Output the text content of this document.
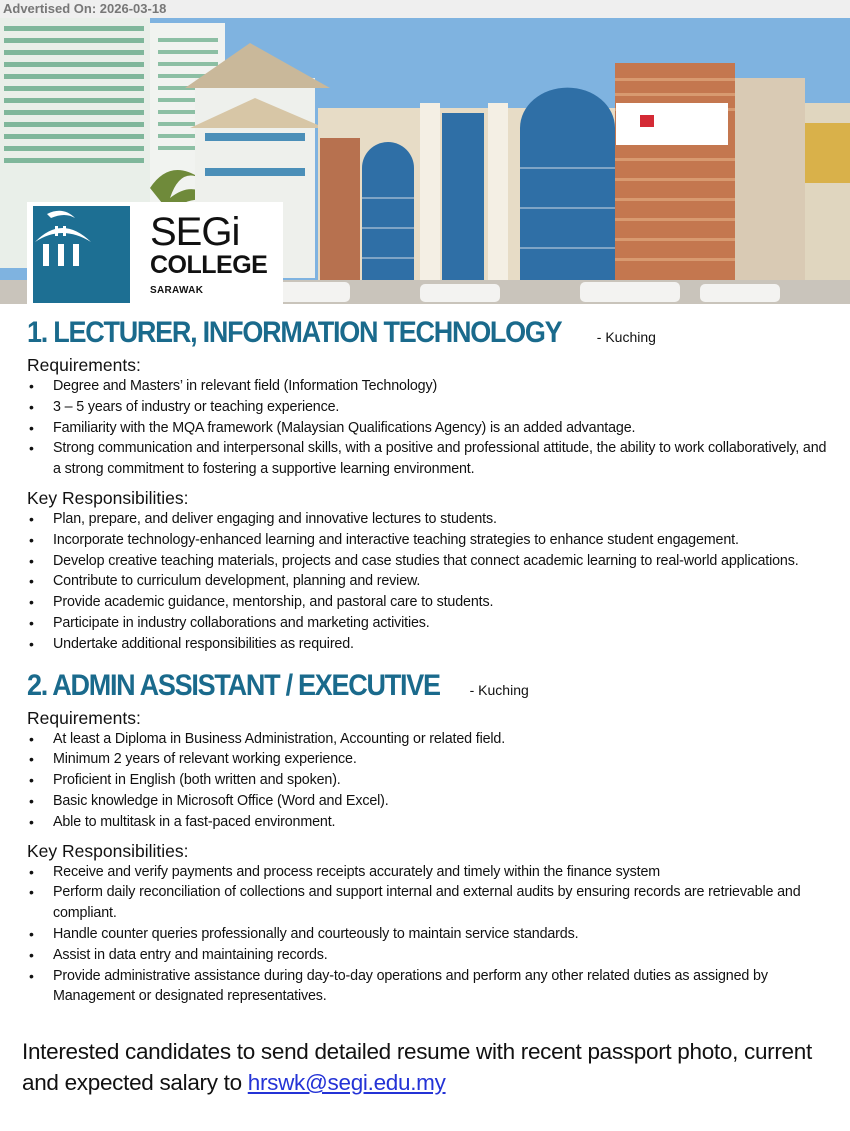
Advertised On: 2026-03-18
SEGi
COLLEGE
SARAWAK
1. LECTURER, INFORMATION TECHNOLOGY	- Kuching
Requirements:
• Degree and Masters’ in relevant field (Information Technology)
• 3 – 5 years of industry or teaching experience.
• Familiarity with the MQA framework (Malaysian Qualifications Agency) is an added advantage.
• Strong communication and interpersonal skills, with a positive and professional attitude, the ability to work collaboratively, and a strong commitment to fostering a supportive learning environment.
Key Responsibilities:
• Plan, prepare, and deliver engaging and innovative lectures to students.
• Incorporate technology-enhanced learning and interactive teaching strategies to enhance student engagement.
• Develop creative teaching materials, projects and case studies that connect academic learning to real-world applications.
• Contribute to curriculum development, planning and review.
• Provide academic guidance, mentorship, and pastoral care to students.
• Participate in industry collaborations and marketing activities.
• Undertake additional responsibilities as required.
2. ADMIN ASSISTANT / EXECUTIVE - Kuching
Requirements:
• At least a Diploma in Business Administration, Accounting or related field.
• Minimum 2 years of relevant working experience.
• Proficient in English (both written and spoken).
• Basic knowledge in Microsoft Office (Word and Excel).
• Able to multitask in a fast-paced environment.
Key Responsibilities:
• Receive and verify payments and process receipts accurately and timely within the finance system
• Perform daily reconciliation of collections and support internal and external audits by ensuring records are retrievable and compliant.
• Handle counter queries professionally and courteously to maintain service standards.
• Assist in data entry and maintaining records.
• Provide administrative assistance during day-to-day operations and perform any other related duties as assigned by Management or designated representatives.
Interested candidates to send detailed resume with recent passport photo, current and expected salary to hrswk@segi.edu.my
